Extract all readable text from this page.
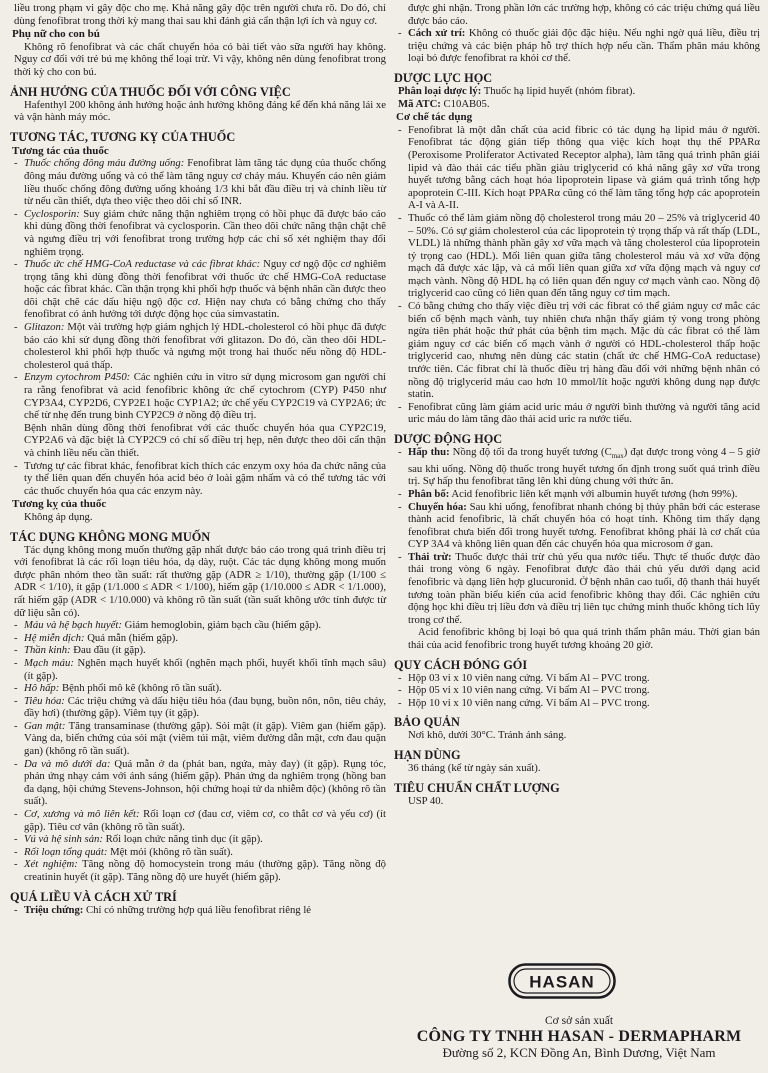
liều trong phạm vi gây độc cho mẹ. Khả năng gây độc trên người chưa rõ. Do đó, chỉ dùng fenofibrat trong thời kỳ mang thai sau khi đánh giá cẩn thận lợi ích và nguy cơ.

Phụ nữ cho con bú

Không rõ fenofibrat và các chất chuyển hóa có bài tiết vào sữa người hay không. Nguy cơ đối với trẻ bú mẹ không thể loại trừ. Vì vậy, không nên dùng fenofibrat trong thời kỳ cho con bú.

ẢNH HƯỞNG CỦA THUỐC ĐỐI VỚI CÔNG VIỆC

Hafenthyl 200 không ảnh hưởng hoặc ảnh hưởng không đáng kể đến khả năng lái xe và vận hành máy móc.

TƯƠNG TÁC, TƯƠNG KỴ CỦA THUỐC
Tương tác của thuốc

- Thuốc chống đông máu đường uống: Fenofibrat làm tăng tác dụng của thuốc chống đông máu đường uống và có thể làm tăng nguy cơ chảy máu. Khuyến cáo nên giảm liều thuốc chống đông đường uống khoảng 1/3 khi bắt đầu điều trị và chỉnh liều từ từ nếu cần thiết, dựa theo việc theo dõi chỉ số INR.

- Cyclosporin: Suy giảm chức năng thận nghiêm trọng có hồi phục đã được báo cáo khi dùng đồng thời fenofibrat và cyclosporin. Cần theo dõi chức năng thận chặt chẽ và ngưng điều trị với fenofibrat trong trường hợp các chỉ số xét nghiệm thay đổi nghiêm trọng.

- Thuốc ức chế HMG-CoA reductase và các fibrat khác: Nguy cơ ngộ độc cơ nghiêm trọng tăng khi dùng đồng thời fenofibrat với thuốc ức chế HMG-CoA reductase hoặc các fibrat khác. Cần thận trọng khi phối hợp thuốc và bệnh nhân cần được theo dõi chặt chẽ các dấu hiệu ngộ độc cơ. Hiện nay chưa có bằng chứng cho thấy fenofibrat có ảnh hưởng tới dược động học của simvastatin.

- Glitazon: Một vài trường hợp giảm nghịch lý HDL-cholesterol có hồi phục đã được báo cáo khi sử dụng đồng thời fenofibrat với glitazon. Do đó, cần theo dõi HDL-cholesterol khi phối hợp thuốc và ngưng một trong hai thuốc nếu nồng độ HDL-cholesterol quá thấp.

- Enzym cytochrom P450: Các nghiên cứu in vitro sử dụng microsom gan người chỉ ra rằng fenofibrat và acid fenofibric không ức chế cytochrom (CYP) P450 như CYP3A4, CYP2D6, CYP2E1 hoặc CYP1A2; ức chế yếu CYP2C19 và CYP2A6; ức chế từ nhẹ đến trung bình CYP2C9 ở nồng độ điều trị.

Bệnh nhân dùng đồng thời fenofibrat với các thuốc chuyển hóa qua CYP2C19, CYP2A6 và đặc biệt là CYP2C9 có chỉ số điều trị hẹp, nên được theo dõi cẩn thận và chỉnh liều nếu cần thiết.

- Tương tự các fibrat khác, fenofibrat kích thích các enzym oxy hóa đa chức năng của ty thể liên quan đến chuyển hóa acid béo ở loài gặm nhấm và có thể tương tác với các thuốc chuyển hóa qua các enzym này.

Tương kỵ của thuốc

Không áp dụng.

TÁC DỤNG KHÔNG MONG MUỐN

Tác dụng không mong muốn thường gặp nhất được báo cáo trong quá trình điều trị với fenofibrat là các rối loạn tiêu hóa, dạ dày, ruột. Các tác dụng không mong muốn được phân nhóm theo tần suất: rất thường gặp (ADR ≥ 1/10), thường gặp (1/100 ≤ ADR < 1/10), ít gặp (1/1.000 ≤ ADR < 1/100), hiếm gặp (1/10.000 ≤ ADR < 1/1.000), rất hiếm gặp (ADR < 1/10.000) và không rõ tần suất (tần suất không ước tính được từ dữ liệu sẵn có).

- Máu và hệ bạch huyết: Giảm hemoglobin, giảm bạch cầu (hiếm gặp).

- Hệ miễn dịch: Quá mẫn (hiếm gặp).

- Thần kinh: Đau đầu (ít gặp).

- Mạch máu: Nghẽn mạch huyết khối (nghẽn mạch phổi, huyết khối tĩnh mạch sâu) (ít gặp).

- Hô hấp: Bệnh phổi mô kẽ (không rõ tần suất).

- Tiêu hóa: Các triệu chứng và dấu hiệu tiêu hóa (đau bụng, buồn nôn, nôn, tiêu chảy, đầy hơi) (thường gặp). Viêm tụy (ít gặp).

- Gan mật: Tăng transaminase (thường gặp). Sỏi mật (ít gặp). Viêm gan (hiếm gặp). Vàng da, biến chứng của sỏi mật (viêm túi mật, viêm đường dẫn mật, cơn đau quặn gan) (không rõ tần suất).

- Da và mô dưới da: Quá mẫn ở da (phát ban, ngứa, mày đay) (ít gặp). Rụng tóc, phản ứng nhạy cảm với ánh sáng (hiếm gặp). Phản ứng da nghiêm trọng (hồng ban đa dạng, hội chứng Stevens-Johnson, hội chứng hoại tử da nhiễm độc) (không rõ tần suất).

- Cơ, xương và mô liên kết: Rối loạn cơ (đau cơ, viêm cơ, co thắt cơ và yếu cơ) (ít gặp). Tiêu cơ vân (không rõ tần suất).

- Vú và hệ sinh sản: Rối loạn chức năng tình dục (ít gặp).

- Rối loạn tổng quát: Mệt mỏi (không rõ tần suất).

- Xét nghiệm: Tăng nồng độ homocystein trong máu (thường gặp). Tăng nồng độ creatinin huyết (ít gặp). Tăng nồng độ ure huyết (hiếm gặp).

QUÁ LIỀU VÀ CÁCH XỬ TRÍ

- Triệu chứng: Chỉ có những trường hợp quá liều fenofibrat riêng lẻ

được ghi nhận. Trong phần lớn các trường hợp, không có các triệu chứng quá liều được báo cáo.

- Cách xử trí: Không có thuốc giải độc đặc hiệu. Nếu nghi ngờ quá liều, điều trị triệu chứng và các biện pháp hỗ trợ thích hợp nếu cần. Thẩm phân máu không loại bỏ được fenofibrat ra khỏi cơ thể.

DƯỢC LỰC HỌC

Phân loại dược lý: Thuốc hạ lipid huyết (nhóm fibrat).

Mã ATC: C10AB05.

Cơ chế tác dụng

- Fenofibrat là một dẫn chất của acid fibric có tác dụng hạ lipid máu ở người. Fenofibrat tác động gián tiếp thông qua việc kích hoạt thụ thể PPARα (Peroxisome Proliferator Activated Receptor alpha), làm tăng quá trình phân giải lipid và đào thải các tiểu phần giàu triglycerid có khả năng gây xơ vữa trong huyết tương bằng cách hoạt hóa lipoprotein lipase và giảm quá trình tổng hợp apoprotein C-III. Kích hoạt PPARα cũng có thể làm tăng tổng hợp các apoprotein A-I và A-II.

- Thuốc có thể làm giảm nồng độ cholesterol trong máu 20 – 25% và triglycerid 40 – 50%. Có sự giảm cholesterol của các lipoprotein tỷ trọng thấp và rất thấp (LDL, VLDL) là những thành phần gây xơ vữa mạch và tăng cholesterol của lipoprotein tỷ trọng cao (HDL). Mối liên quan giữa tăng cholesterol máu và xơ vữa động mạch đã được xác lập, và cả mối liên quan giữa xơ vữa động mạch và nguy cơ mạch vành. Nồng độ HDL hạ có liên quan đến nguy cơ mạch vành cao. Nồng độ triglycerid cao cũng có liên quan đến tăng nguy cơ tim mạch.

- Có bằng chứng cho thấy việc điều trị với các fibrat có thể giảm nguy cơ mắc các biến cố bệnh mạch vành, tuy nhiên chưa nhận thấy giảm tỷ vong trong phòng ngừa tiên phát hoặc thứ phát của bệnh tim mạch. Mặc dù các fibrat có thể làm giảm nguy cơ các biến cố mạch vành ở người có HDL-cholesterol thấp hoặc triglycerid cao, nhưng nên dùng các statin (chất ức chế HMG-CoA reductase) trước tiên. Các fibrat chỉ là thuốc điều trị hàng đầu đối với những bệnh nhân có nồng độ triglycerid máu cao hơn 10 mmol/lít hoặc người không dung nạp được statin.

- Fenofibrat cũng làm giảm acid uric máu ở người bình thường và người tăng acid uric máu do làm tăng đào thải acid uric ra nước tiểu.

DƯỢC ĐỘNG HỌC

- Hấp thu: Nồng độ tối đa trong huyết tương $(C_{max})$ đạt được trong vòng 4 – 5 giờ sau khi uống. Nồng độ thuốc trong huyết tương ổn định trong suốt quá trình điều trị. Sự hấp thu fenofibrat tăng lên khi dùng chung với thức ăn.

- Phân bố: Acid fenofibric liên kết mạnh với albumin huyết tương (hơn 99%).

- Chuyển hóa: Sau khi uống, fenofibrat nhanh chóng bị thủy phân bởi các esterase thành acid fenofibric, là chất chuyển hóa có hoạt tính. Không tìm thấy dạng fenofibrat chưa biến đổi trong huyết tương. Fenofibrat không phải là cơ chất của CYP 3A4 và không liên quan đến các chuyển hóa qua microsom ở gan.

- Thải trừ: Thuốc được thải trừ chủ yếu qua nước tiểu. Thực tế thuốc được đào thải trong vòng 6 ngày. Fenofibrat được đào thải chủ yếu dưới dạng acid fenofibric và dạng liên hợp glucuronid. Ở bệnh nhân cao tuổi, độ thanh thải huyết tương toàn phần biểu kiến của acid fenofibric không thay đổi. Các nghiên cứu động học khi điều trị liều đơn và điều trị liên tục chứng minh thuốc không tích lũy trong cơ thể.

Acid fenofibric không bị loại bỏ qua quá trình thẩm phân máu. Thời gian bán thải của acid fenofibric trong huyết tương khoảng 20 giờ.

QUY CÁCH ĐÓNG GÓI

- Hộp 03 vỉ x 10 viên nang cứng. Vỉ bấm Al – PVC trong.

- Hộp 05 vỉ x 10 viên nang cứng. Vỉ bấm Al – PVC trong.

- Hộp 10 vỉ x 10 viên nang cứng. Vỉ bấm Al – PVC trong.

BẢO QUẢN

Nơi khô, dưới 30°C. Tránh ánh sáng.

HẠN DÙNG

36 tháng (kể từ ngày sản xuất).

TIÊU CHUẨN CHẤT LƯỢNG

USP 40.

HASAN
Cơ sở sản xuất
CÔNG TY TNHH HASAN - DERMAPHARM
Đường số 2, KCN Đồng An, Bình Dương, Việt Nam
